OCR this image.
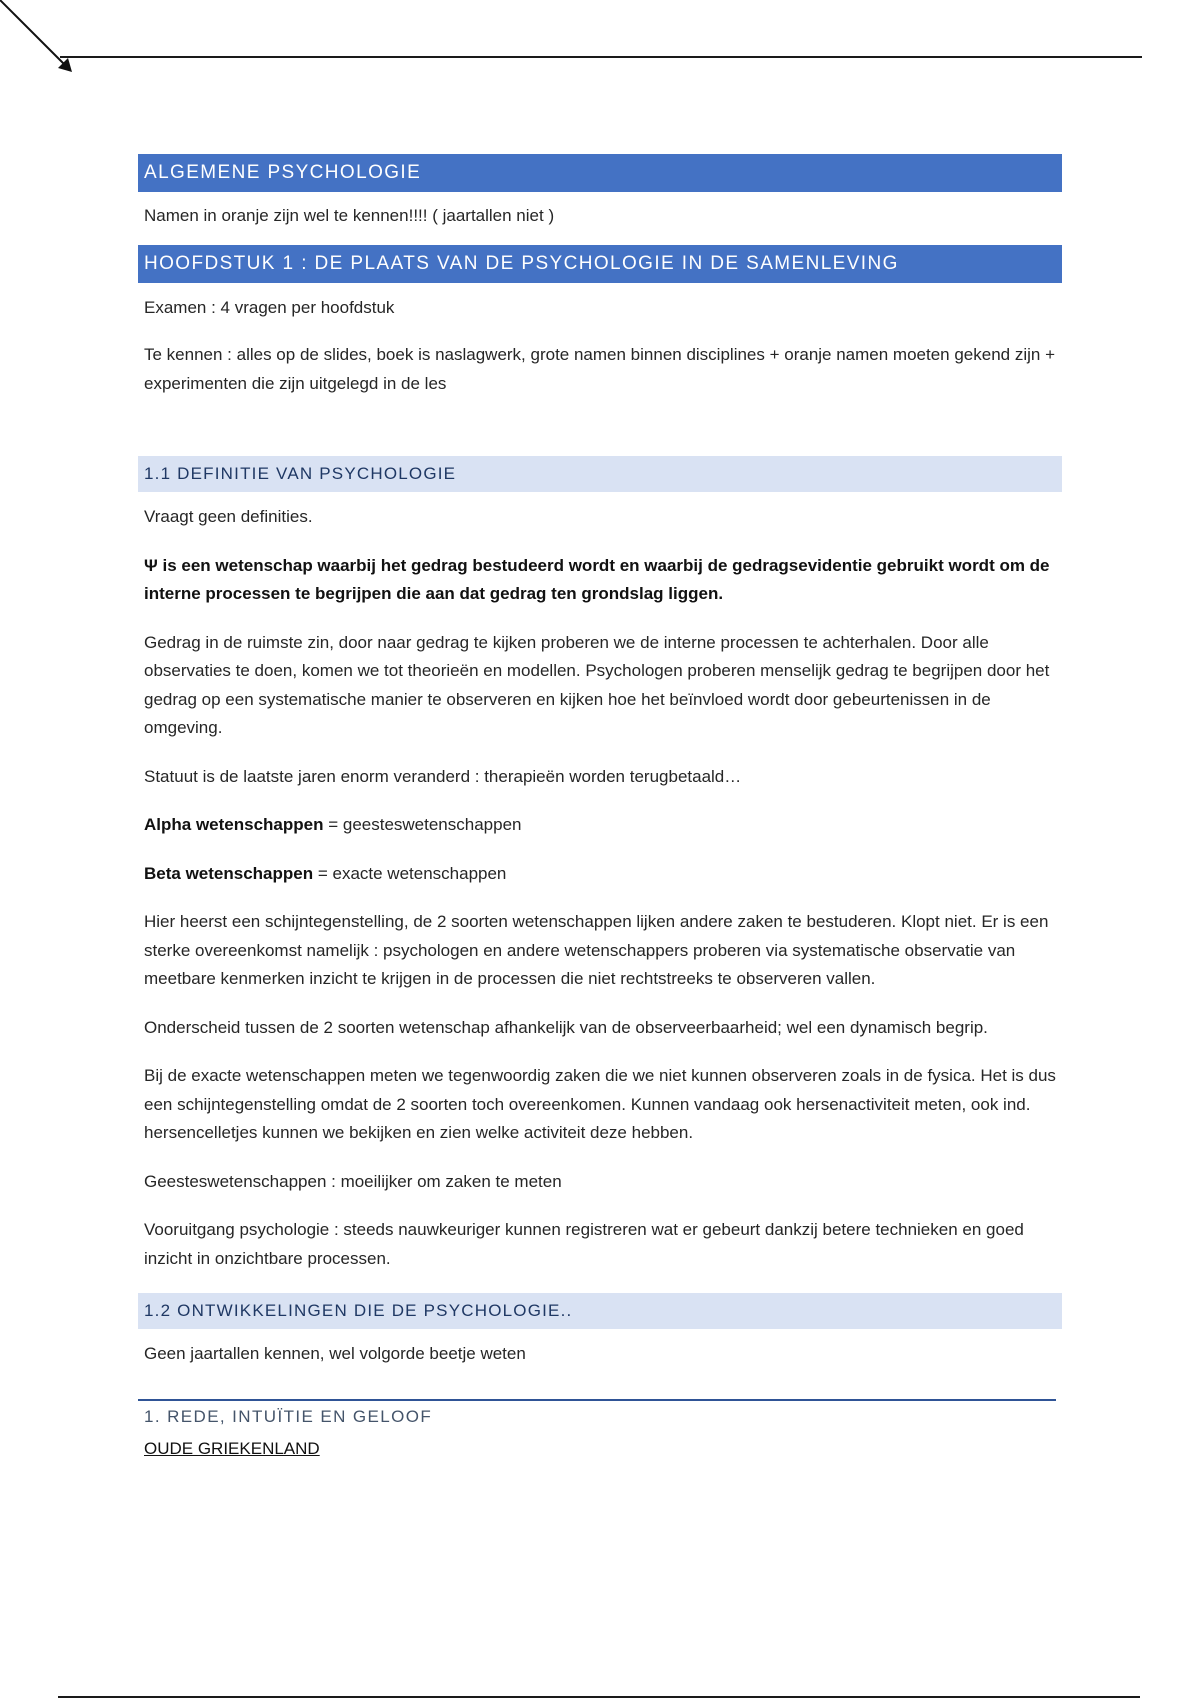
ALGEMENE PSYCHOLOGIE

Namen in oranje zijn wel te kennen!!!! ( jaartallen niet )

HOOFDSTUK 1 : DE PLAATS VAN DE PSYCHOLOGIE IN DE SAMENLEVING

Examen : 4 vragen per hoofdstuk

Te kennen : alles op de slides, boek is naslagwerk, grote namen binnen disciplines + oranje namen moeten gekend zijn + experimenten die zijn uitgelegd in de les

1.1 DEFINITIE VAN PSYCHOLOGIE

Vraagt geen definities.

Ψ is een wetenschap waarbij het gedrag bestudeerd wordt en waarbij de gedragsevidentie gebruikt wordt om de interne processen te begrijpen die aan dat gedrag ten grondslag liggen.

Gedrag in de ruimste zin, door naar gedrag te kijken proberen we de interne processen te achterhalen. Door alle observaties te doen, komen we tot theorieën en modellen. Psychologen proberen menselijk gedrag te begrijpen door het gedrag op een systematische manier te observeren en kijken hoe het beïnvloed wordt door gebeurtenissen in de omgeving.

Statuut is de laatste jaren enorm veranderd : therapieën worden terugbetaald…

Alpha wetenschappen = geesteswetenschappen

Beta wetenschappen = exacte wetenschappen

Hier heerst een schijntegenstelling, de 2 soorten wetenschappen lijken andere zaken te bestuderen. Klopt niet. Er is een sterke overeenkomst namelijk : psychologen en andere wetenschappers proberen via systematische observatie van meetbare kenmerken inzicht te krijgen in de processen die niet rechtstreeks te observeren vallen.

Onderscheid tussen de 2 soorten wetenschap afhankelijk van de observeerbaarheid; wel een dynamisch begrip.

Bij de exacte wetenschappen meten we tegenwoordig zaken die we niet kunnen observeren zoals in de fysica. Het is dus een schijntegenstelling omdat de 2 soorten toch overeenkomen. Kunnen vandaag ook hersenactiviteit meten, ook ind. hersencelletjes kunnen we bekijken en zien welke activiteit deze hebben.

Geesteswetenschappen : moeilijker om zaken te meten

Vooruitgang psychologie : steeds nauwkeuriger kunnen registreren wat er gebeurt dankzij betere technieken en goed inzicht in onzichtbare processen.

1.2 ONTWIKKELINGEN DIE DE PSYCHOLOGIE..

Geen jaartallen kennen, wel volgorde beetje weten

1. REDE, INTUÏTIE EN GELOOF

OUDE GRIEKENLAND
